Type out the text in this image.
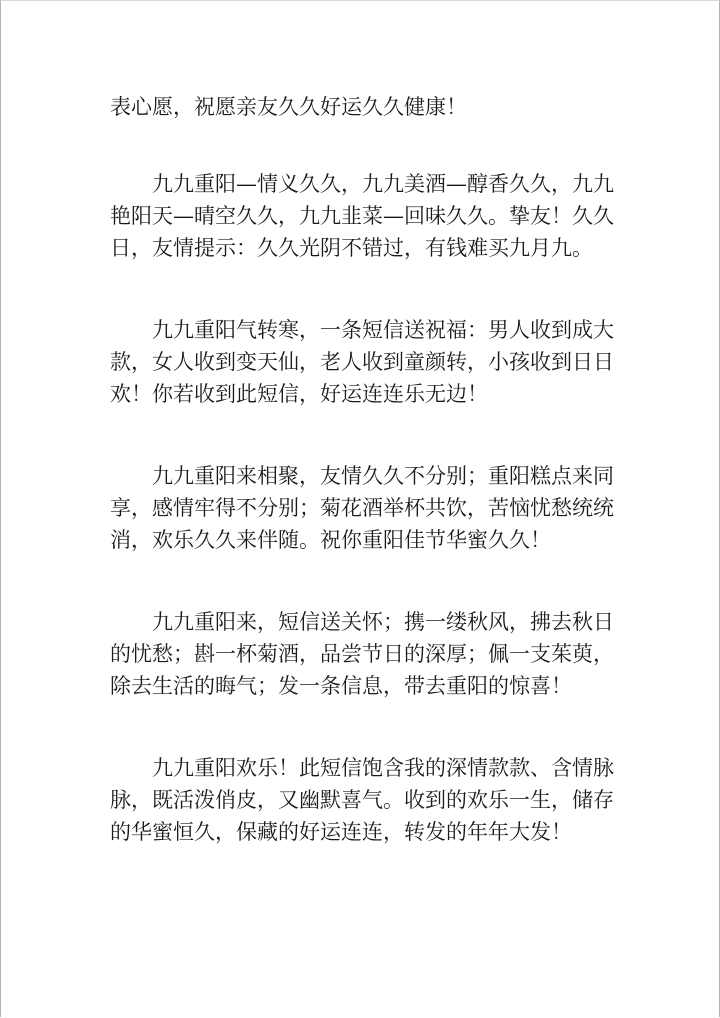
表心愿，祝愿亲友久久好运久久健康！

九九重阳—情义久久，九九美酒—醇香久久，九九艳阳天—晴空久久，九九韭菜—回味久久。挚友！久久日，友情提示：久久光阴不错过，有钱难买九月九。

九九重阳气转寒，一条短信送祝福：男人收到成大款，女人收到变天仙，老人收到童颜转，小孩收到日日欢！你若收到此短信，好运连连乐无边！

九九重阳来相聚，友情久久不分别；重阳糕点来同享，感情牢得不分别；菊花酒举杯共饮，苦恼忧愁统统消，欢乐久久来伴随。祝你重阳佳节华蜜久久！

九九重阳来，短信送关怀；携一缕秋风，拂去秋日的忧愁；斟一杯菊酒，品尝节日的深厚；佩一支茱萸，除去生活的晦气；发一条信息，带去重阳的惊喜！

九九重阳欢乐！此短信饱含我的深情款款、含情脉脉，既活泼俏皮，又幽默喜气。收到的欢乐一生，储存的华蜜恒久，保藏的好运连连，转发的年年大发！
